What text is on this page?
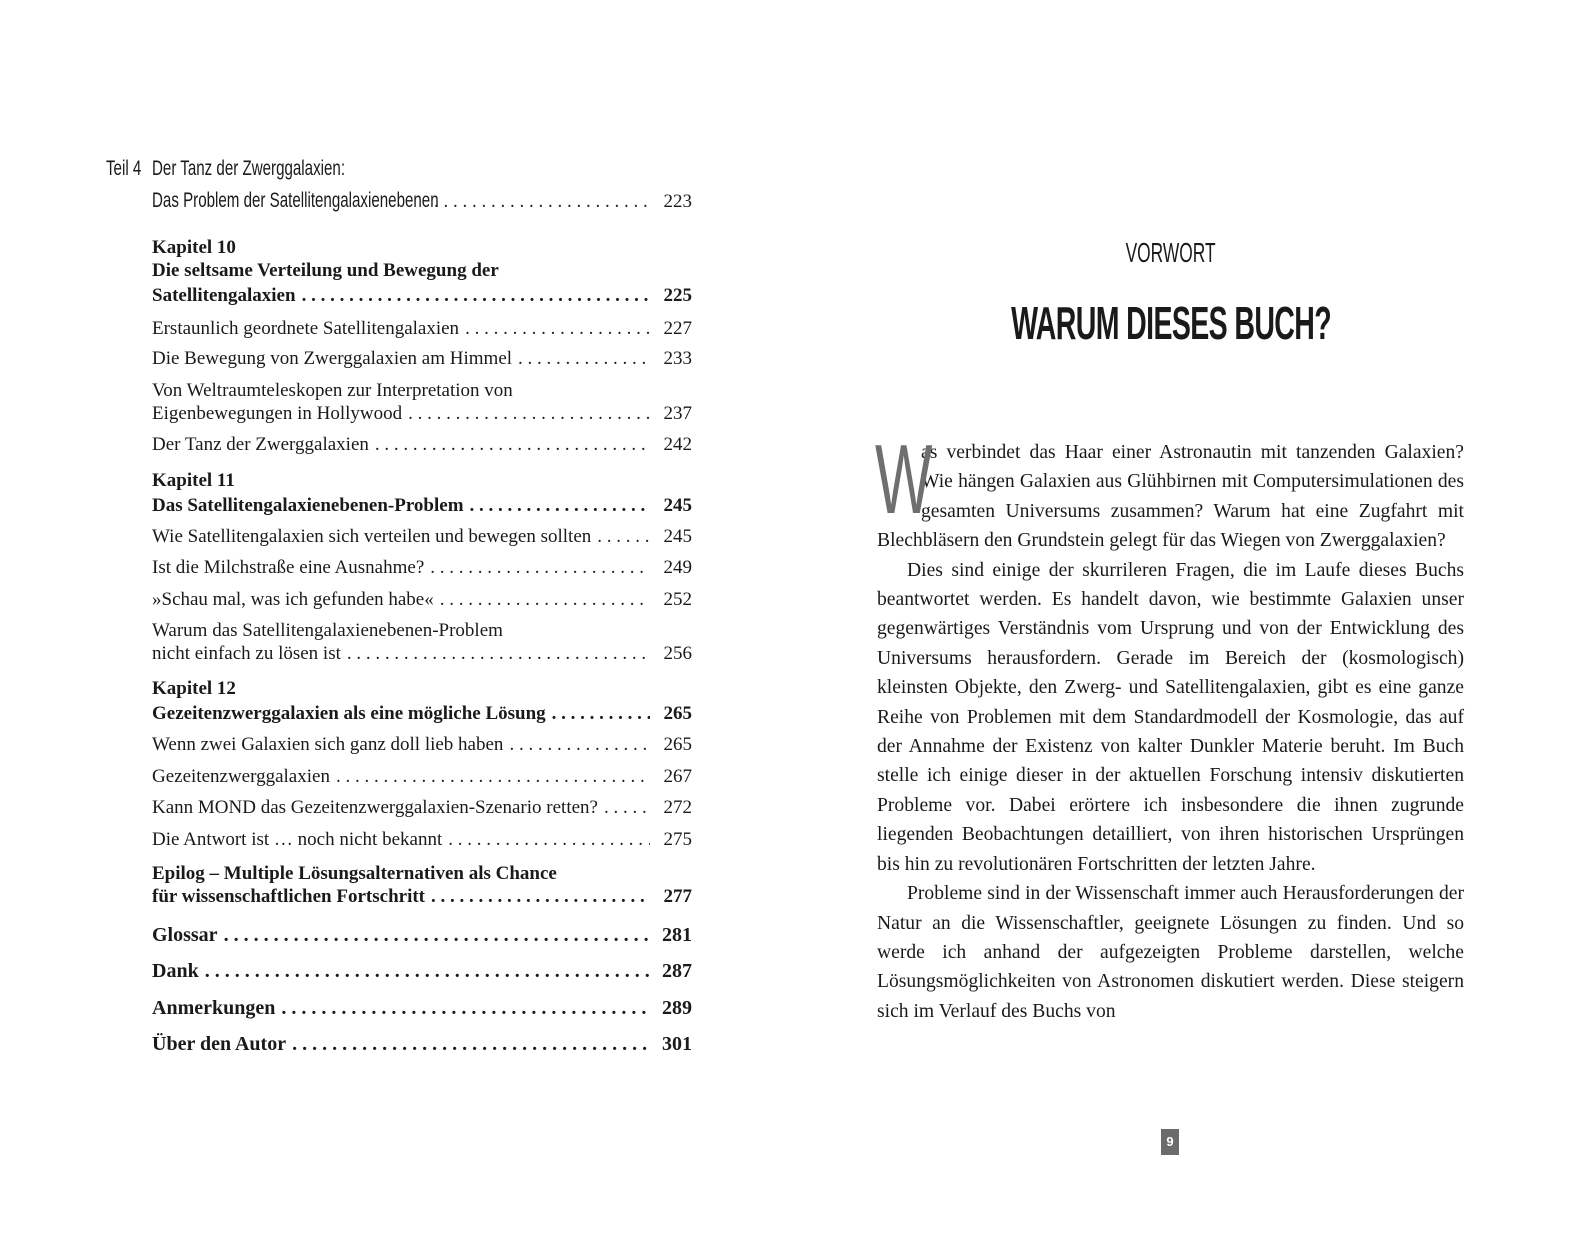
Teil 4 Der Tanz der Zwerggalaxien:
Das Problem der Satellitengalaxienebenen . . .	223
Kapitel 10
Die seltsame Verteilung und Bewegung der
Satellitengalaxien . . .	225
Erstaunlich geordnete Satellitengalaxien . . .	227
Die Bewegung von Zwerggalaxien am Himmel . . .	233
Von Weltraumteleskopen zur Interpretation von
Eigenbewegungen in Hollywood . . .	237
Der Tanz der Zwerggalaxien . . .	242
Kapitel 11
Das Satellitengalaxienebenen-Problem . . .	245
Wie Satellitengalaxien sich verteilen und bewegen sollten . . .	245
Ist die Milchstraße eine Ausnahme? . . .	249
»Schau mal, was ich gefunden habe« . . .	252
Warum das Satellitengalaxienebenen-Problem
nicht einfach zu lösen ist . . .	256
Kapitel 12
Gezeitenzwerggalaxien als eine mögliche Lösung . . .	265
Wenn zwei Galaxien sich ganz doll lieb haben . . .	265
Gezeitenzwerggalaxien . . .	267
Kann MOND das Gezeitenzwerggalaxien-Szenario retten? . . .	272
Die Antwort ist … noch nicht bekannt . . .	275
Epilog – Multiple Lösungsalternativen als Chance
für wissenschaftlichen Fortschritt . . .	277
Glossar . . .	281
Dank . . .	287
Anmerkungen . . .	289
Über den Autor . . .	301
VORWORT
WARUM DIESES BUCH?

W
as verbindet das Haar einer Astronautin mit tanzenden Galaxien? Wie hängen Galaxien aus Glühbirnen mit Computersimulationen des gesamten Universums zusammen? Warum hat eine Zugfahrt mit Blechbläsern den Grundstein gelegt für das Wiegen von Zwerggalaxien?

Dies sind einige der skurrileren Fragen, die im Laufe dieses Buchs beantwortet werden. Es handelt davon, wie bestimmte Galaxien unser gegenwärtiges Verständnis vom Ursprung und von der Entwicklung des Universums herausfordern. Gerade im Bereich der (kosmologisch) kleinsten Objekte, den Zwerg- und Satellitengalaxien, gibt es eine ganze Reihe von Problemen mit dem Standardmodell der Kosmologie, das auf der Annahme der Existenz von kalter Dunkler Materie beruht. Im Buch stelle ich einige dieser in der aktuellen Forschung intensiv diskutierten Probleme vor. Dabei erörtere ich insbesondere die ihnen zugrunde liegenden Beobachtungen detailliert, von ihren historischen Ursprüngen bis hin zu revolutionären Fortschritten der letzten Jahre.

Probleme sind in der Wissenschaft immer auch Herausforderungen der Natur an die Wissenschaftler, geeignete Lösungen zu finden. Und so werde ich anhand der aufgezeigten Probleme darstellen, welche Lösungsmöglichkeiten von Astronomen diskutiert werden. Diese steigern sich im Verlauf des Buchs von

9
